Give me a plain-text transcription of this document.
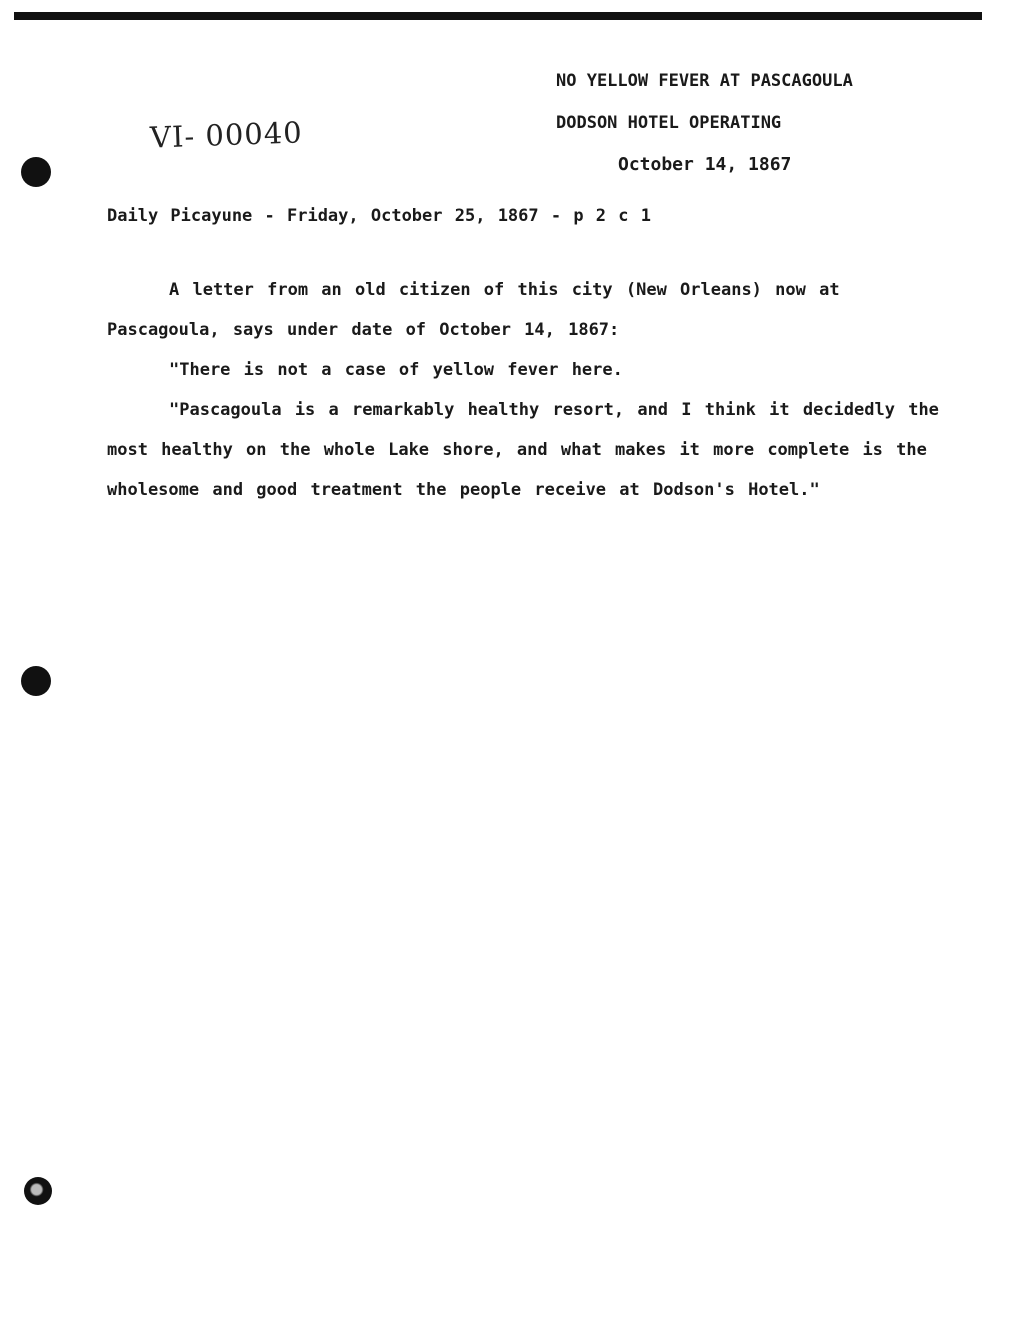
VI- 00040
NO YELLOW FEVER AT PASCAGOULA
DODSON HOTEL OPERATING
October 14, 1867
Daily Picayune - Friday, October 25, 1867 - p 2 c 1

A letter from an old citizen of this city (New Orleans) now at Pascagoula, says under date of October 14, 1867:

"There is not a case of yellow fever here.

"Pascagoula is a remarkably healthy resort, and I think it decidedly the most healthy on the whole Lake shore, and what makes it more complete is the wholesome and good treatment the people receive at Dodson's Hotel."
